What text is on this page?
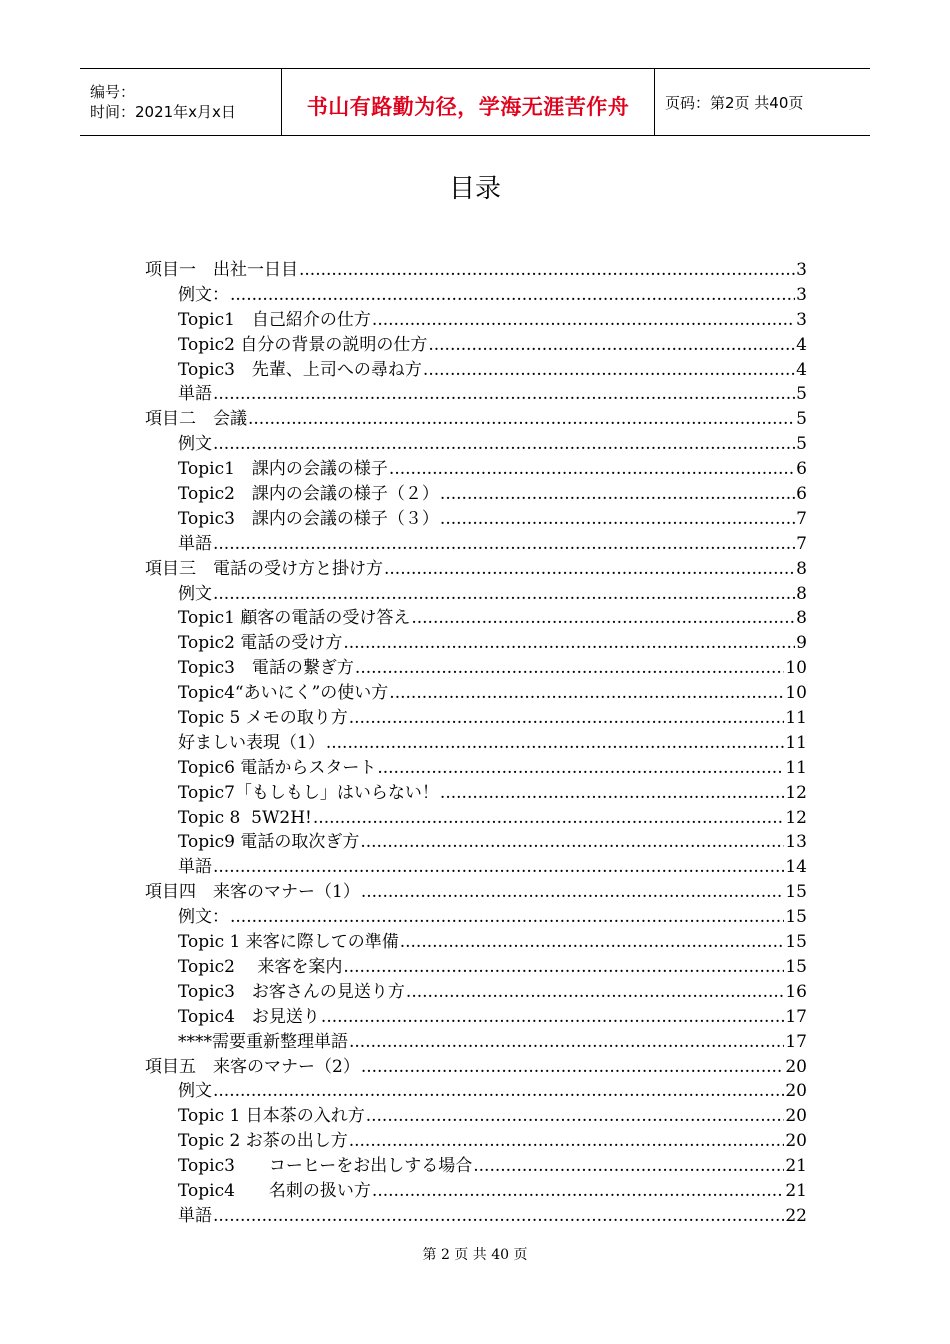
编号：
时间：2021年x月x日	书山有路勤为径，学海无涯苦作舟 页码：第2页 共40页
目录
项目一　出社一日目 .....	3
例文： .....	3
Topic1　自己紹介の仕方 .....	3
Topic2 自分の背景の説明の仕方 .....	4
Topic3　先輩、上司への尋ね方 .....	4
単語 .....	5
項目二　会議 .....	5
例文 .....	5
Topic1　課内の会議の様子 .....	6
Topic2　課内の会議の様子（２） .....	6
Topic3　課内の会議の様子（３） .....	7
単語 .....	7
項目三　電話の受け方と掛け方 .....	8
例文 .....	8
Topic1 顧客の電話の受け答え .....	8
Topic2 電話の受け方 .....	9
Topic3　電話の繋ぎ方 .....	10
Topic4“あいにく”の使い方 .....	10
Topic 5 メモの取り方 .....	11
好ましい表現（1） .....	11
Topic6 電話からスタート .....	11
Topic7「もしもし」はいらない！ .....	12
Topic 8  5W2H! .....	12
Topic9 電話の取次ぎ方 .....	13
単語 .....	14
項目四　来客のマナー（1） .....	15
例文： .....	15
Topic 1 来客に際しての準備 .....	15
Topic2　 来客を案内 .....	15
Topic3　お客さんの見送り方 .....	16
Topic4　お見送り .....	17
****需要重新整理単語 .....	17
項目五　来客のマナー（2） .....	20
例文 .....	20
Topic 1 日本茶の入れ方 .....	20
Topic 2 お茶の出し方 .....	20
Topic3　　コーヒーをお出しする場合 .....	21
Topic4　　名刺の扱い方 .....	21
単語 .....	22
第 2 页 共 40 页
